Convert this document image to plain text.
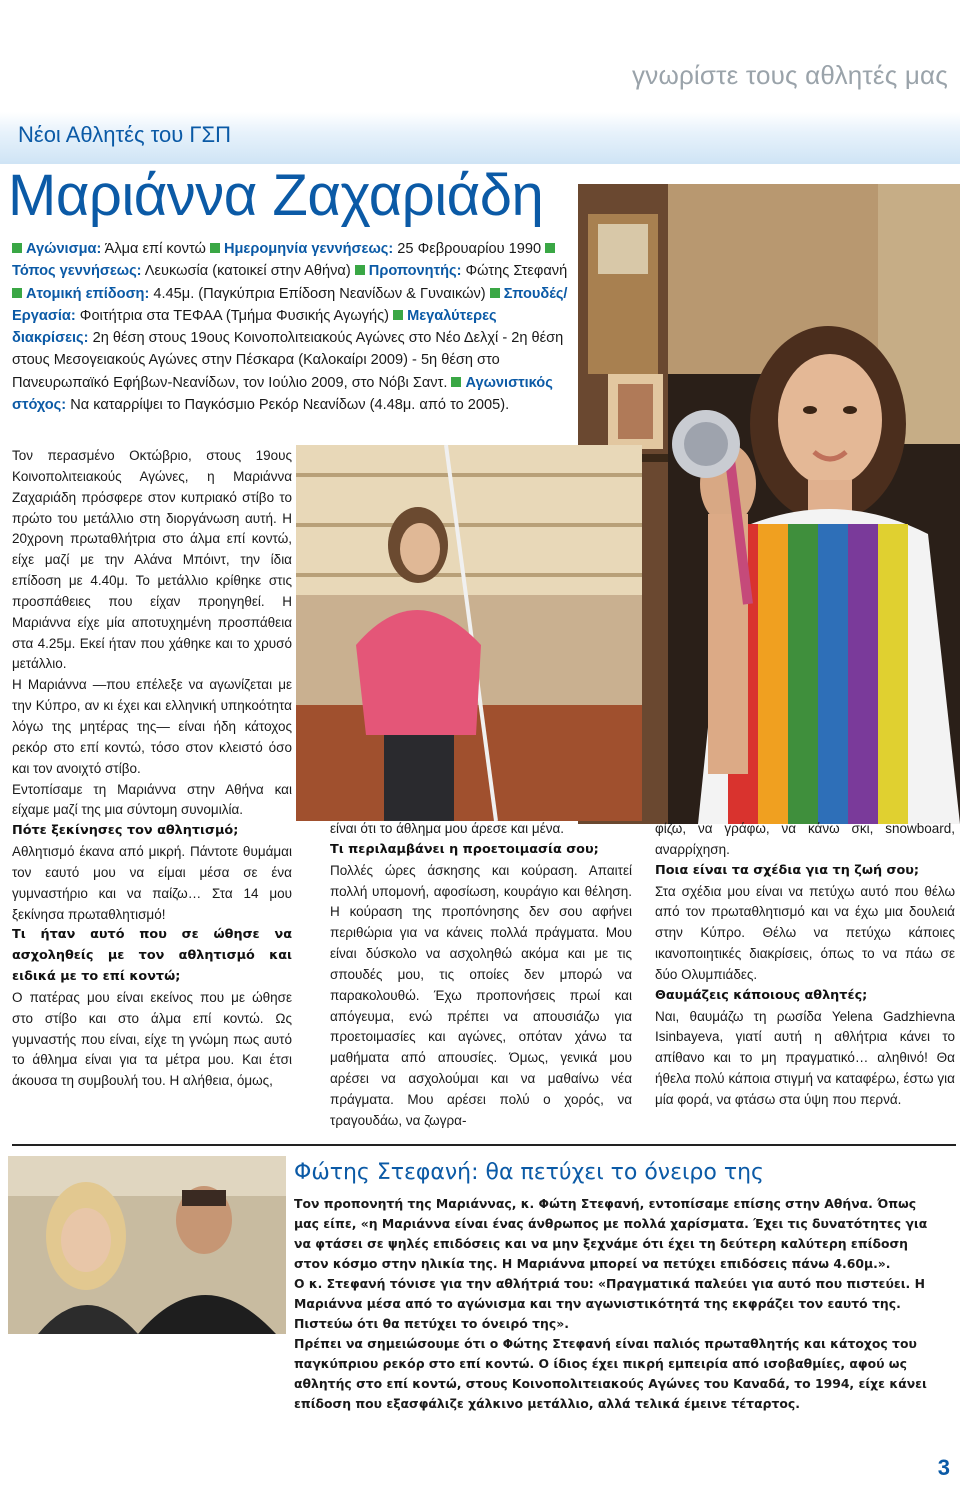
γνωρίστε τους αθλητές μας
Νέοι Αθλητές του ΓΣΠ
Μαριάννα Ζαχαριάδη
Αγώνισμα: Άλμα επί κοντώ Ημερομηνία γεννήσεως: 25 Φεβρουαρίου 1990 Τόπος γεννήσεως: Λευκωσία (κατοικεί στην Αθήνα) Προπονητής: Φώτης Στεφανή Ατομική επίδοση: 4.45μ. (Παγκύπρια Επίδοση Νεανίδων & Γυναικών) Σπουδές/Εργασία: Φοιτήτρια στα ΤΕΦΑΑ (Τμήμα Φυσικής Αγωγής) Μεγαλύτερες διακρίσεις: 2η θέση στους 19ους Κοινοπολιτειακούς Αγώνες στο Νέο Δελχί - 2η θέση στους Μεσογειακούς Αγώνες στην Πέσκαρα (Καλοκαίρι 2009) - 5η θέση στο Πανευρωπαϊκό Εφήβων-Νεανίδων, τον Ιούλιο 2009, στο Νόβι Σαντ. Αγωνιστικός στόχος: Να καταρρίψει το Παγκόσμιο Ρεκόρ Νεανίδων (4.48μ. από το 2005).

Τον περασμένο Οκτώβριο, στους 19ους Κοινοπολιτειακούς Αγώνες, η Μαριάννα Ζαχαριάδη πρόσφερε στον κυπριακό στίβο το πρώτο του μετάλλιο στη διοργάνωση αυτή. Η 20χρονη πρωταθλήτρια στο άλμα επί κοντώ, είχε μαζί με την Αλάνα Μπόιντ, την ίδια επίδοση με 4.40μ. Το μετάλλιο κρίθηκε στις προσπάθειες που είχαν προηγηθεί. Η Μαριάννα είχε μία αποτυχημένη προσπάθεια στα 4.25μ. Εκεί ήταν που χάθηκε και το χρυσό μετάλλιο.

Η Μαριάννα —που επέλεξε να αγωνίζεται με την Κύπρο, αν κι έχει και ελληνική υπηκοότητα λόγω της μητέρας της— είναι ήδη κάτοχος ρεκόρ στο επί κοντώ, τόσο στον κλειστό όσο και τον ανοιχτό στίβο.

Εντοπίσαμε τη Μαριάννα στην Αθήνα και είχαμε μαζί της μια σύντομη συνομιλία.

Πότε ξεκίνησες τον αθλητισμό;

Αθλητισμό έκανα από μικρή. Πάντοτε θυμάμαι τον εαυτό μου να είμαι μέσα σε ένα γυμναστήριο και να παίζω… Στα 14 μου ξεκίνησα πρωταθλητισμό!

Τι ήταν αυτό που σε ώθησε να ασχοληθείς με τον αθλητισμό και ειδικά με το επί κοντώ;

Ο πατέρας μου είναι εκείνος που με ώθησε στο στίβο και στο άλμα επί κοντώ. Ως γυμναστής που είναι, είχε τη γνώμη πως αυτό το άθλημα είναι για τα μέτρα μου. Και έτσι άκουσα τη συμβουλή του. Η αλήθεια, όμως,

είναι ότι το άθλημα μου άρεσε και μένα.

Τι περιλαμβάνει η προετοιμασία σου;

Πολλές ώρες άσκησης και κούραση. Απαιτεί πολλή υπομονή, αφοσίωση, κουράγιο και θέληση. Η κούραση της προπόνησης δεν σου αφήνει περιθώρια για να κάνεις πολλά πράγματα. Μου είναι δύσκολο να ασχοληθώ ακόμα και με τις σπουδές μου, τις οποίες δεν μπορώ να παρακολουθώ. Έχω προπονήσεις πρωί και απόγευμα, ενώ πρέπει να απουσιάζω για προετοιμασίες και αγώνες, οπόταν χάνω τα μαθήματα από απουσίες. Όμως, γενικά μου αρέσει να ασχολούμαι και να μαθαίνω νέα πράγματα. Μου αρέσει πολύ ο χορός, να τραγουδάω, να ζωγρα-

φίζω, να γράφω, να κάνω σκι, snowboard, αναρρίχηση.

Ποια είναι τα σχέδια για τη ζωή σου;

Στα σχέδια μου είναι να πετύχω αυτό που θέλω από τον πρωταθλητισμό και να έχω μια δουλειά στην Κύπρο. Θέλω να πετύχω κάποιες ικανοποιητικές διακρίσεις, όπως το να πάω σε δύο Ολυμπιάδες.

Θαυμάζεις κάποιους αθλητές;

Ναι, θαυμάζω τη ρωσίδα Yelena Gadzhievna Isinbayeva, γιατί αυτή η αθλήτρια κάνει το απίθανο και το μη πραγματικό… αληθινό! Θα ήθελα πολύ κάποια στιγμή να καταφέρω, έστω για μία φορά, να φτάσω στα ύψη που περνά.

Φώτης Στεφανή: θα πετύχει το όνειρο της

Τον προπονητή της Μαριάννας, κ. Φώτη Στεφανή, εντοπίσαμε επίσης στην Αθήνα. Όπως μας είπε, «η Μαριάννα είναι ένας άνθρωπος με πολλά χαρίσματα. Έχει τις δυνατότητες για να φτάσει σε ψηλές επιδόσεις και να μην ξεχνάμε ότι έχει τη δεύτερη καλύτερη επίδοση στον κόσμο στην ηλικία της. Η Μαριάννα μπορεί να πετύχει επιδόσεις πάνω 4.60μ.».

Ο κ. Στεφανή τόνισε για την αθλήτριά του: «Πραγματικά παλεύει για αυτό που πιστεύει. Η Μαριάννα μέσα από το αγώνισμα και την αγωνιστικότητά της εκφράζει τον εαυτό της. Πιστεύω ότι θα πετύχει το όνειρό της».

Πρέπει να σημειώσουμε ότι ο Φώτης Στεφανή είναι παλιός πρωταθλητής και κάτοχος του παγκύπριου ρεκόρ στο επί κοντώ. Ο ίδιος έχει πικρή εμπειρία από ισοβαθμίες, αφού ως αθλητής στο επί κοντώ, στους Κοινοπολιτειακούς Αγώνες του Καναδά, το 1994, είχε κάνει επίδοση που εξασφάλιζε χάλκινο μετάλλιο, αλλά τελικά έμεινε τέταρτος.

3
